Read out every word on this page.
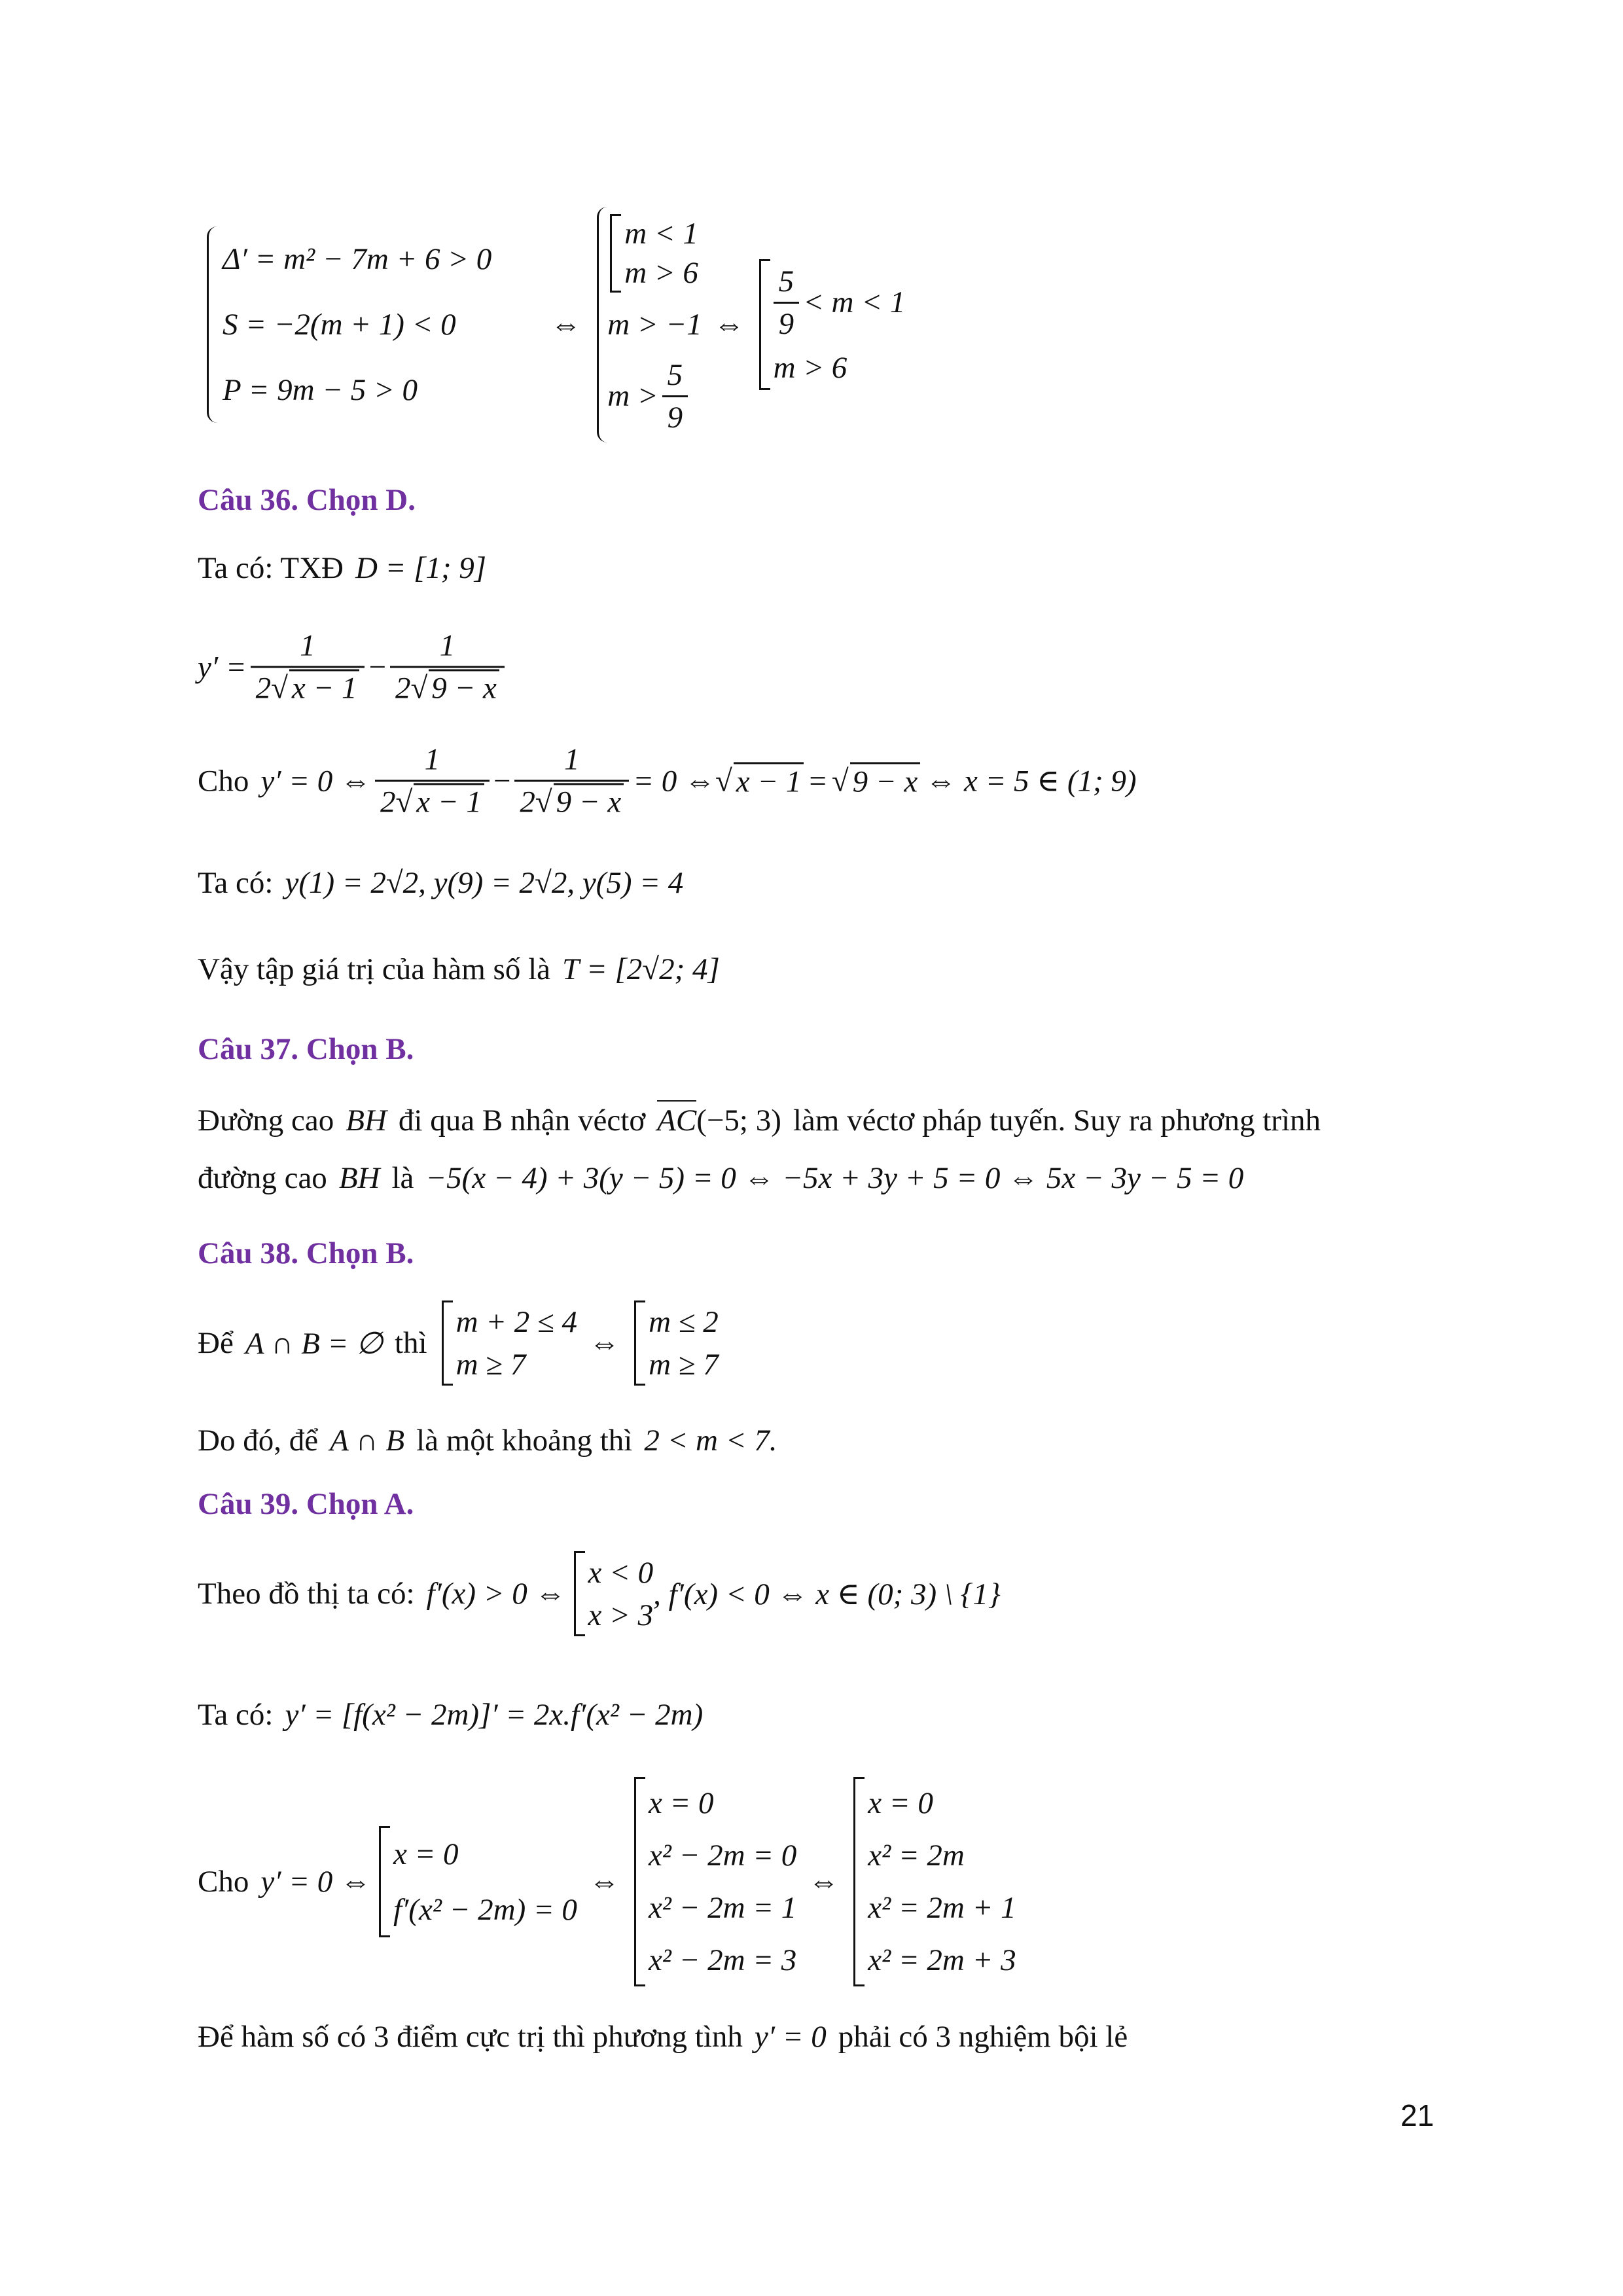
Δ′ = m² − 7m + 6 > 0
S = −2(m + 1) < 0
P = 9m − 5 > 0
⇔
m < 1
m > 6
m > −1
$m > \frac{5}{9}$
⇔ $\frac{5}{9} < m < 1$
m > 6
Câu 36. Chọn D.
Ta có: TXĐ D = [1; 9]
$y' = \frac{1}{2√ x - 1} - \frac{1}{2√ 9 - x}$
Cho y′ = 0 ⇔ $\frac{1}{2√ x - 1} - \frac{1}{2√ 9 - x} = 0$ ⇔ √ x − 1 = √ 9 − x ⇔ x = 5 ∈ (1; 9)
Ta có: y(1) = 2√2, y(9) = 2√2, y(5) = 4
Vậy tập giá trị của hàm số là T = [2√2; 4]
Câu 37. Chọn B.
Đường cao BH đi qua B nhận véctơ AC (−5; 3) làm véctơ pháp tuyến. Suy ra phương trình
đường cao BH là −5(x − 4) + 3(y − 5) = 0 ⇔ −5x + 3y + 5 = 0 ⇔ 5x − 3y − 5 = 0
Câu 38. Chọn B.
Để A ∩ B = ∅ thì
m + 2 ≤ 4
m ≥ 7
⇔
m ≤ 2
m ≥ 7
Do đó, để A ∩ B là một khoảng thì 2 < m < 7.
Câu 39. Chọn A.
Theo đồ thị ta có: f′(x) > 0 ⇔
x < 0
x > 3
, f′(x) < 0 ⇔ x ∈ (0; 3) \ {1}
Ta có: y′ = [f(x² − 2m)]′ = 2x.f′(x² − 2m)
Cho y′ = 0 ⇔
x = 0
f′(x² − 2m) = 0
⇔
x = 0
x² − 2m = 0
x² − 2m = 1
x² − 2m = 3
⇔
x = 0
x² = 2m
x² = 2m + 1
x² = 2m + 3
Để hàm số có 3 điểm cực trị thì phương tình y′ = 0 phải có 3 nghiệm bội lẻ
21
